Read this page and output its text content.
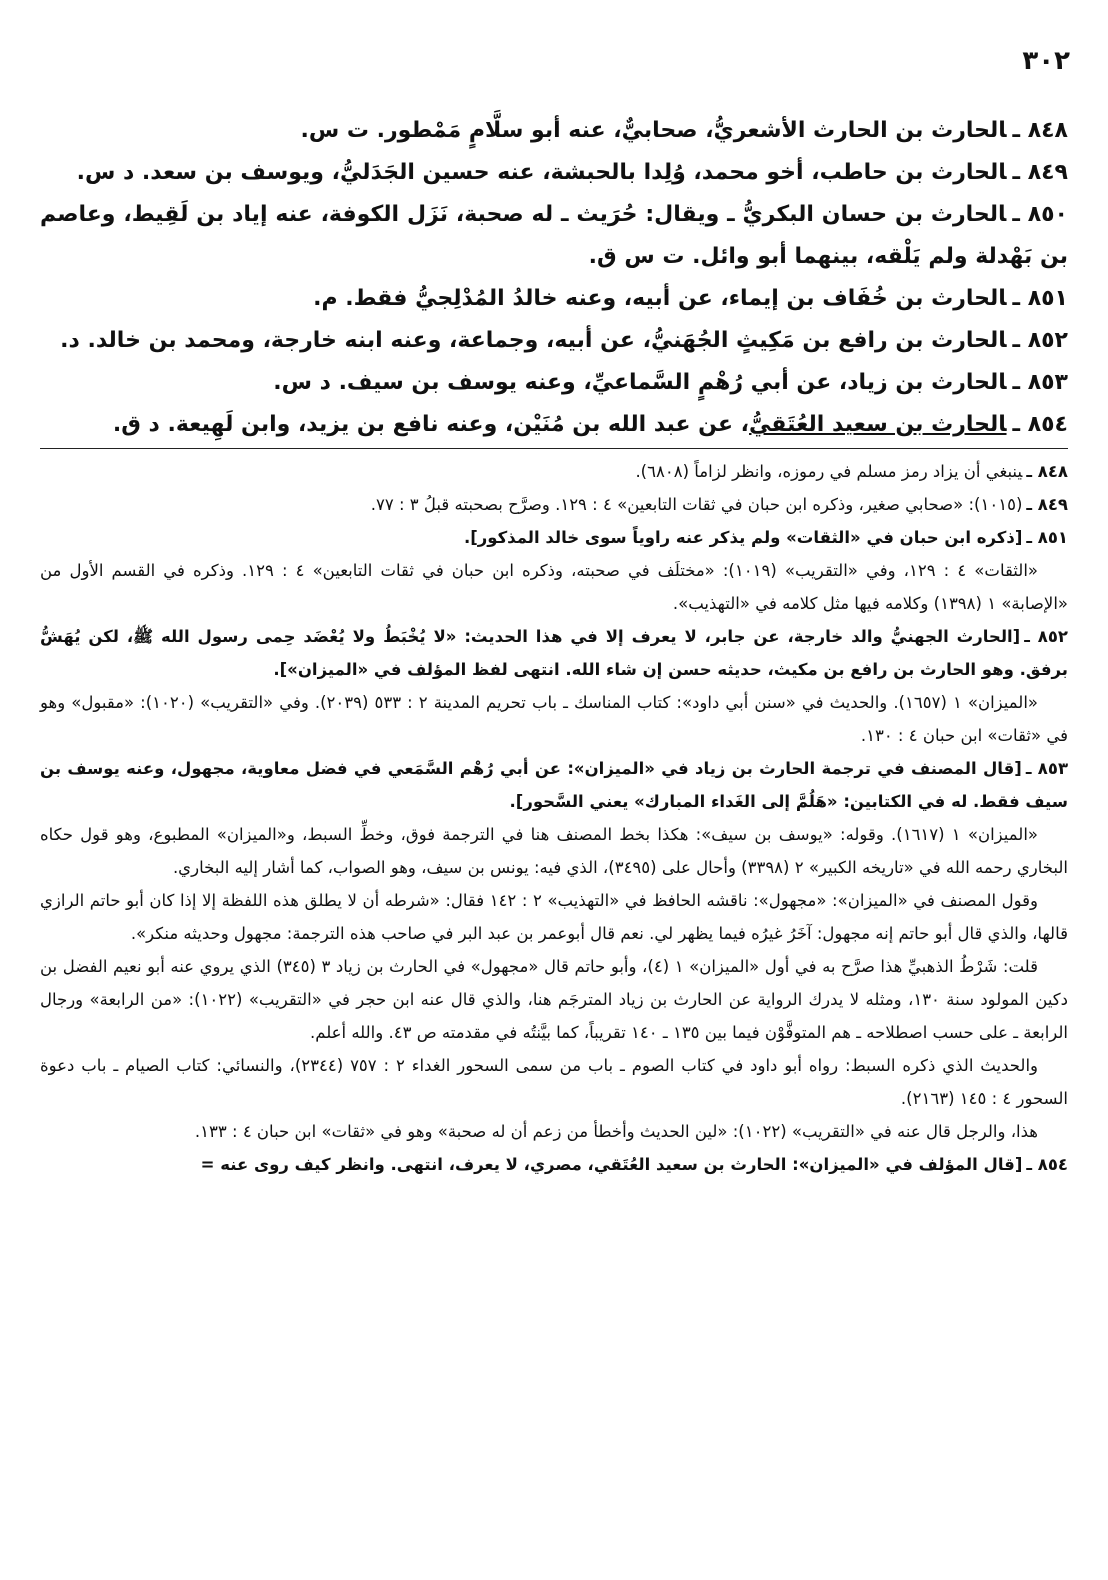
٣٠٢

٨٤٨ ـالحارث بن الحارث الأشعريُّ، صحابيٌّ، عنه أبو سلَّامٍ مَمْطور. ت س.

٨٤٩ ـالحارث بن حاطب، أخو محمد، وُلِدا بالحبشة، عنه حسين الجَدَليُّ، ويوسف بن سعد. د س.

٨٥٠ ـالحارث بن حسان البكريُّ ـ ويقال: حُرَيث ـ له صحبة، نَزَل الكوفة، عنه إياد بن لَقِيط، وعاصم بن بَهْدلة ولم يَلْقه، بينهما أبو وائل. ت س ق.

٨٥١ ـالحارث بن خُفَاف بن إيماء، عن أبيه، وعنه خالدُ المُدْلِجيُّ فقط. م.

٨٥٢ ـالحارث بن رافع بن مَكِيثٍ الجُهَنيُّ، عن أبيه، وجماعة، وعنه ابنه خارجة، ومحمد بن خالد. د.

٨٥٣ ـالحارث بن زياد، عن أبي رُهْمٍ السَّماعيِّ، وعنه يوسف بن سيف. د س.

٨٥٤ ـالحارث بن سعيد العُتَقيُّ، عن عبد الله بن مُنَيْن، وعنه نافع بن يزيد، وابن لَهِيعة. د ق.

٨٤٨ ـينبغي أن يزاد رمز مسلم في رموزه، وانظر لزاماً (٦٨٠٨).

٨٤٩ ـ(١٠١٥): «صحابي صغير، وذكره ابن حبان في ثقات التابعين» ٤ : ١٢٩. وصرَّح بصحبته قبلُ ٣ : ٧٧.

٨٥١ ـ[ذكره ابن حبان في «الثقات» ولم يذكر عنه راوياً سوى خالد المذكور].

«الثقات» ٤ : ١٢٩، وفي «التقريب» (١٠١٩): «مختلَف في صحبته، وذكره ابن حبان في ثقات التابعين» ٤ : ١٢٩. وذكره في القسم الأول من «الإصابة» ١ (١٣٩٨) وكلامه فيها مثل كلامه في «التهذيب».

٨٥٢ ـ[الحارث الجهنيُّ والد خارجة، عن جابر، لا يعرف إلا في هذا الحديث: «لا يُخْبَطُ ولا يُعْضَد حِمى رسول الله ﷺ، لكن يُهَشُّ برفق. وهو الحارث بن رافع بن مكيث، حديثه حسن إن شاء الله. انتهى لفظ المؤلف في «الميزان»].

«الميزان» ١ (١٦٥٧). والحديث في «سنن أبي داود»: كتاب المناسك ـ باب تحريم المدينة ٢ : ٥٣٣ (٢٠٣٩). وفي «التقريب» (١٠٢٠): «مقبول» وهو في «ثقات» ابن حبان ٤ : ١٣٠.

٨٥٣ ـ[قال المصنف في ترجمة الحارث بن زياد في «الميزان»: عن أبي رُهْم السَّمَعي في فضل معاوية، مجهول، وعنه يوسف بن سيف فقط. له في الكتابين: «هَلُمَّ إلى الغَداء المبارك» يعني السَّحور].

«الميزان» ١ (١٦١٧). وقوله: «يوسف بن سيف»: هكذا بخط المصنف هنا في الترجمة فوق، وخطِّ السبط، و«الميزان» المطبوع، وهو قول حكاه البخاري رحمه الله في «تاريخه الكبير» ٢ (٣٣٩٨) وأحال على (٣٤٩٥)، الذي فيه: يونس بن سيف، وهو الصواب، كما أشار إليه البخاري.

وقول المصنف في «الميزان»: «مجهول»: ناقشه الحافظ في «التهذيب» ٢ : ١٤٢ فقال: «شرطه أن لا يطلق هذه اللفظة إلا إذا كان أبو حاتم الرازي قالها، والذي قال أبو حاتم إنه مجهول: آخَرُ غيرُه فيما يظهر لي. نعم قال أبوعمر بن عبد البر في صاحب هذه الترجمة: مجهول وحديثه منكر».

قلت: شَرْطُ الذهبيِّ هذا صرَّح به في أول «الميزان» ١ (٤)، وأبو حاتم قال «مجهول» في الحارث بن زياد ٣ (٣٤٥) الذي يروي عنه أبو نعيم الفضل بن دكين المولود سنة ١٣٠، ومثله لا يدرك الرواية عن الحارث بن زياد المترجَم هنا، والذي قال عنه ابن حجر في «التقريب» (١٠٢٢): «من الرابعة» ورجال الرابعة ـ على حسب اصطلاحه ـ هم المتوفَّوْن فيما بين ١٣٥ ـ ١٤٠ تقريباً، كما بيَّنتُه في مقدمته ص ٤٣. والله أعلم.

والحديث الذي ذكره السبط: رواه أبو داود في كتاب الصوم ـ باب من سمى السحور الغداء ٢ : ٧٥٧ (٢٣٤٤)، والنسائي: كتاب الصيام ـ باب دعوة السحور ٤ : ١٤٥ (٢١٦٣).

هذا، والرجل قال عنه في «التقريب» (١٠٢٢): «لين الحديث وأخطأ من زعم أن له صحبة» وهو في «ثقات» ابن حبان ٤ : ١٣٣.

٨٥٤ ـ[قال المؤلف في «الميزان»: الحارث بن سعيد العُتَقي، مصري، لا يعرف، انتهى. وانظر كيف روى عنه =
